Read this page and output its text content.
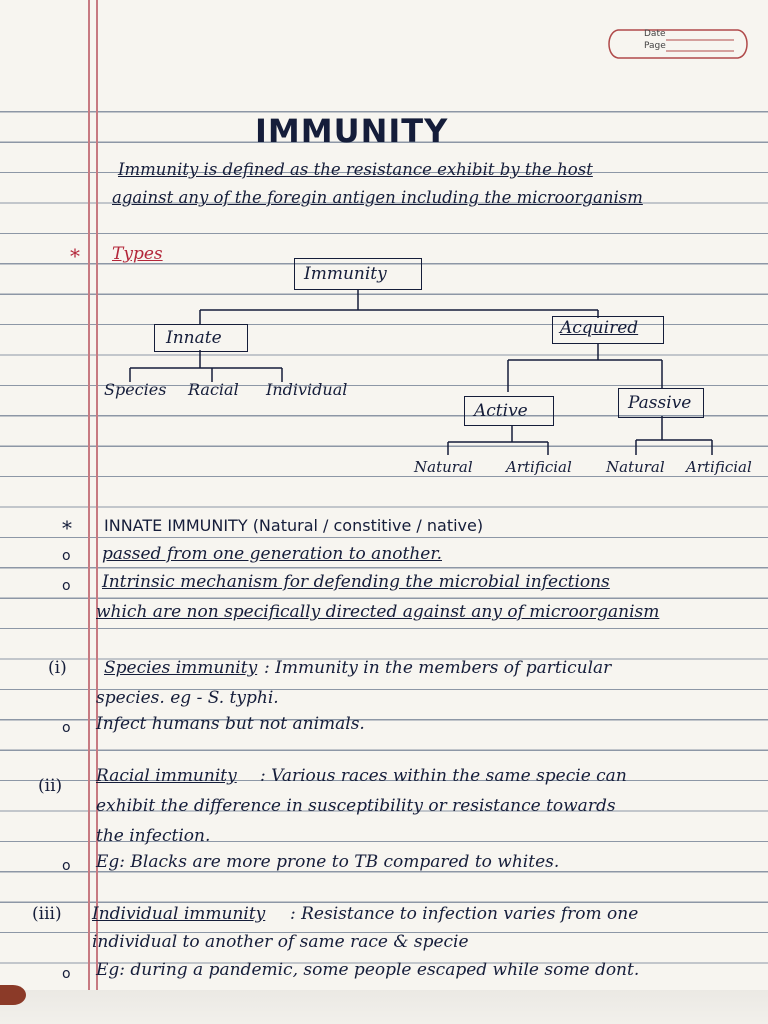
Date
Page
IMMUNITY
Immunity is defined as the resistance exhibit by the host
against any of the foregin antigen including the microorganism
* Types
Immunity
Innate	Acquired
Species Racial Individual
Active	Passive
Natural Artificial Natural Artificial
* INNATE IMMUNITY (Natural / constitive / native)
o passed from one generation to another.
o Intrinsic mechanism for defending the microbial infections
which are non specifically directed against any of microorganism
(i) Species immunity : Immunity in the members of particular
species. eg - S. typhi.
o Infect humans but not animals.
(ii) Racial immunity : Various races within the same specie can
exhibit the difference in susceptibility or resistance towards
the infection.
o Eg: Blacks are more prone to TB compared to whites.
(iii) Individual immunity : Resistance to infection varies from one
individual to another of same race & specie
o Eg: during a pandemic, some people escaped while some dont.
